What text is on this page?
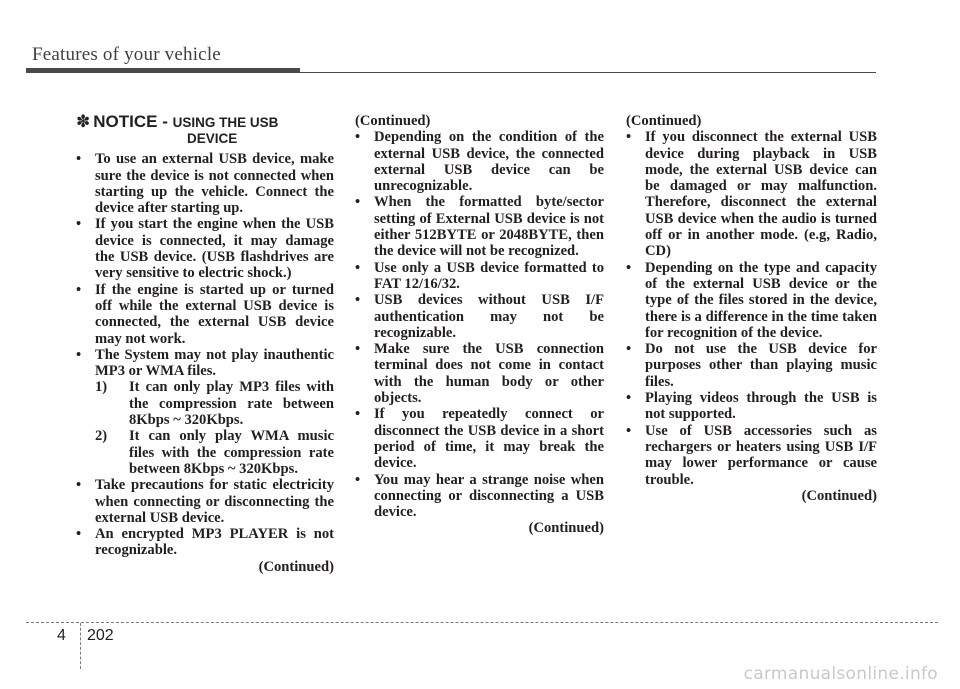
Features of your vehicle
✽ NOTICE - USING THE USB
DEVICE
• To use an external USB device, make sure the device is not connected when starting up the vehicle. Connect the device after starting up.
• If you start the engine when the USB device is connected, it may damage the USB device. (USB flashdrives are very sensitive to electric shock.)
• If the engine is started up or turned off while the external USB device is connected, the external USB device may not work.
• The System may not play inauthentic MP3 or WMA files.
1) It can only play MP3 files with the compression rate between 8Kbps ~ 320Kbps.
2) It can only play WMA music files with the compression rate between 8Kbps ~ 320Kbps.
• Take precautions for static electricity when connecting or disconnecting the external USB device.
• An encrypted MP3 PLAYER is not recognizable.
(Continued)
(Continued)
• Depending on the condition of the external USB device, the connected external USB device can be unrecognizable.
• When the formatted byte/sector setting of External USB device is not either 512BYTE or 2048BYTE, then the device will not be recognized.
• Use only a USB device formatted to FAT 12/16/32.
• USB devices without USB I/F authentication may not be recognizable.
• Make sure the USB connection terminal does not come in contact with the human body or other objects.
• If you repeatedly connect or disconnect the USB device in a short period of time, it may break the device.
• You may hear a strange noise when connecting or disconnecting a USB device.
(Continued)
(Continued)
• If you disconnect the external USB device during playback in USB mode, the external USB device can be damaged or may malfunction. Therefore, disconnect the external USB device when the audio is turned off or in another mode. (e.g, Radio, CD)
• Depending on the type and capacity of the external USB device or the type of the files stored in the device, there is a difference in the time taken for recognition of the device.
• Do not use the USB device for purposes other than playing music files.
• Playing videos through the USB is not supported.
• Use of USB accessories such as rechargers or heaters using USB I/F may lower performance or cause trouble.
(Continued)
4 202
carmanualsonline.info
